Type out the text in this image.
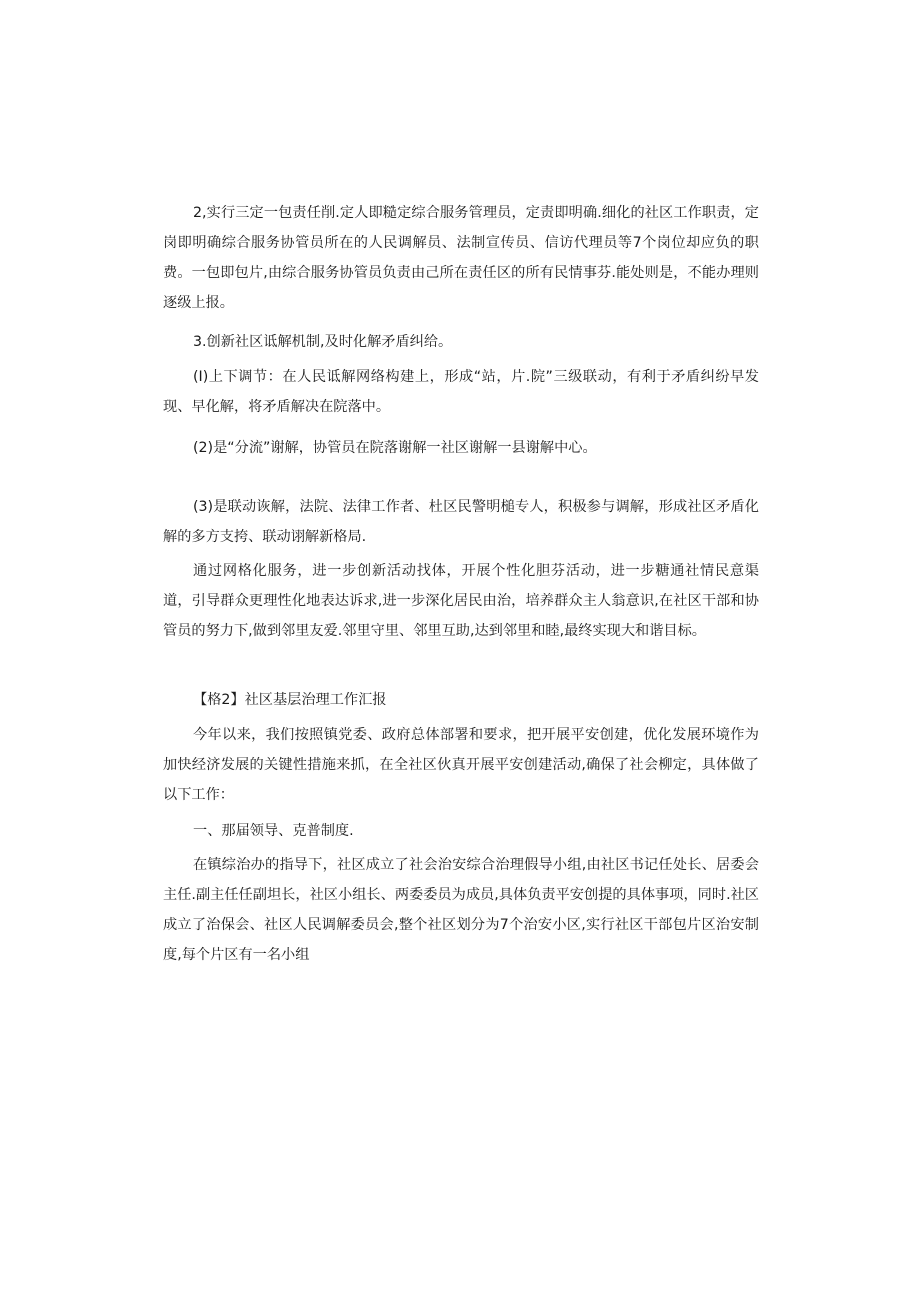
2,实行三定一包责任削.定人即糙定综合服务管理员，定责即明确.细化的社区工作职责，定岗即明确综合服务协管员所在的人民调解员、法制宣传员、信访代理员等7个岗位却应负的职费。一包即包片,由综合服务协管员负责由己所在责任区的所有民情事芬.能处则是，不能办理则逐级上报。

3.创新社区诋解机制,及时化解矛盾纠给。

(I)上下调节：在人民诋解网络构建上，形成“站，片.院”三级联动，有利于矛盾纠纷早发现、早化解，将矛盾解决在院落中。

(2)是“分流”谢解，协管员在院落谢解一社区谢解一县谢解中心。

(3)是联动诙解，法院、法律工作者、杜区民警明槌专人，积极参与调解，形成社区矛盾化解的多方支挎、联动诩解新格局.

通过网格化服务，进一步创新活动找体，开展个性化胆芬活动，进一步糖通社情民意渠道，引导群众更理性化地表达诉求,进一步深化居民由治，培养群众主人翁意识,在社区干部和协管员的努力下,做到邻里友爱.邻里守里、邻里互助,达到邻里和睦,最终实现大和谐目标。

【格2】社区基层治理工作汇报

今年以来，我们按照镇党委、政府总体部署和要求，把开展平安创建，优化发展环境作为加快经济发展的关键性措施来抓，在全社区伙真开展平安创建活动,确保了社会柳定，具体做了以下工作：

一、那届领导、克普制度.

在镇综治办的指导下，社区成立了社会治安综合治理假导小组,由社区书记任处长、居委会主任.副主任任副坦长，社区小组长、两委委员为成员,具体负责平安创提的具体事项，同时.社区成立了治保会、社区人民调解委员会,整个社区划分为7个治安小区,实行社区干部包片区治安制度,每个片区有一名小组
